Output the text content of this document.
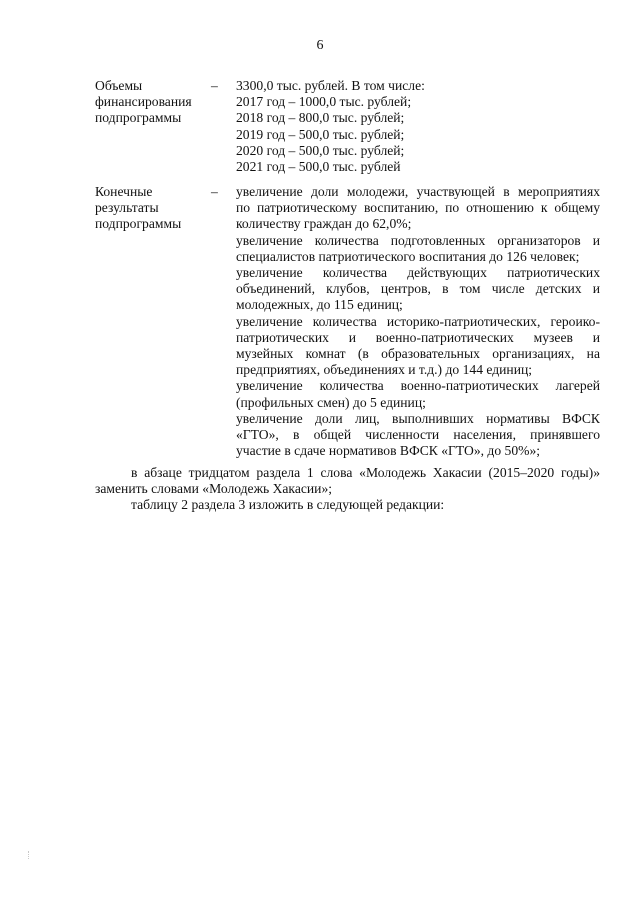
6
Объемы
финансирования
подпрограммы
–	3300,0 тыс. рублей. В том числе:
2017 год – 1000,0 тыс. рублей;
2018 год – 800,0 тыс. рублей;
2019 год – 500,0 тыс. рублей;
2020 год – 500,0 тыс. рублей;
2021 год – 500,0 тыс. рублей
Конечные
результаты
подпрограммы
–	увеличение доли молодежи, участвующей в мероприятиях
по патриотическому воспитанию, по отношению к общему
количеству граждан до 62,0%;
увеличение количества подготовленных организаторов и
специалистов патриотического воспитания до 126 человек;
увеличение количества действующих патриотических
объединений, клубов, центров, в том числе детских и
молодежных, до 115 единиц;
увеличение количества историко-патриотических, героико-
патриотических и военно-патриотических музеев и
музейных комнат (в образовательных организациях, на
предприятиях, объединениях и т.д.) до 144 единиц;
увеличение количества военно-патриотических лагерей
(профильных смен) до 5 единиц;
увеличение доли лиц, выполнивших нормативы ВФСК
«ГТО», в общей численности населения, принявшего
участие в сдаче нормативов ВФСК «ГТО», до 50%»;
в абзаце тридцатом раздела 1 слова «Молодежь Хакасии (2015–2020 годы)»
заменить словами «Молодежь Хакасии»;
таблицу 2 раздела 3 изложить в следующей редакции:
